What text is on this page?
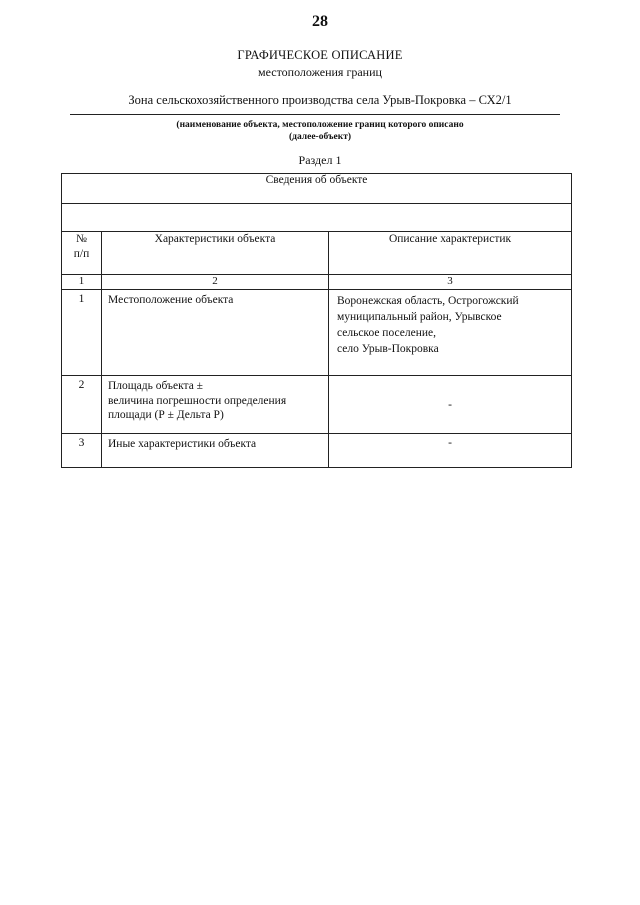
28
ГРАФИЧЕСКОЕ ОПИСАНИЕ
местоположения границ
Зона сельскохозяйственного производства села Урыв-Покровка – СХ2/1
(наименование объекта, местоположение границ которого описано
(далее-объект)
Раздел 1
Сведения об объекте		

№
п/п	Характеристики объекта	Описание характеристик
1	2	3
1	Местоположение объекта	Воронежская область, Острогожский
муниципальный район, Урывское
сельское поселение,
село Урыв-Покровка

2	Площадь объекта ±
величина погрешности определения
площади (Р ± Дельта Р)	-
3	Иные характеристики объекта	-
